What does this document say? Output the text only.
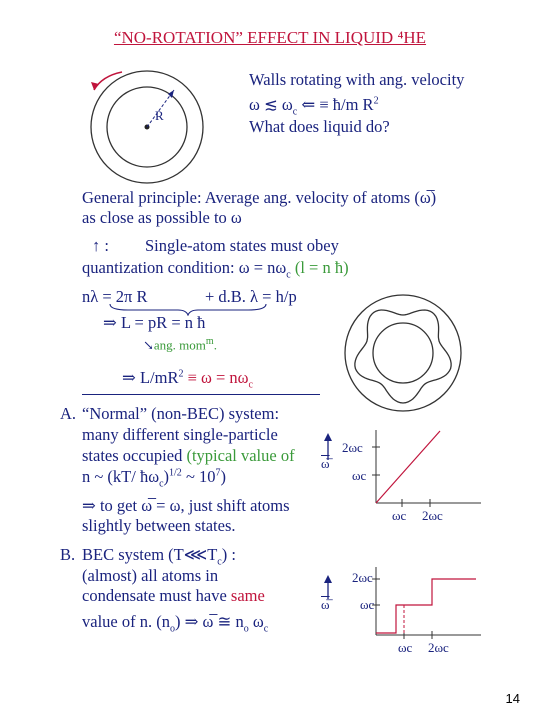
“NO-ROTATION” EFFECT IN LIQUID ⁴HE
R
Walls rotating with ang. velocity
ω ≲ $\omega_c$ ⇐ ≡ ħ/m $R^2$
What does liquid do?
General principle: Average ang. velocity of atoms (ω̅)
as close as possible to ω
↑ : Single-atom states must obey
quantization condition: $\omega = n\omega_c$ (l = n ħ)
nλ = 2π R	+ d.B. λ = h/p
⇒ L = pR = n ħ
↘ang. mom$^m$.
⇒ $L/mR^2 \equiv \omega = n\omega_c$
A. “Normal” (non-BEC) system:
many different single-particle
states occupied (typical value of
n ~ (kT/ $ħ\omega_c)^{1/2}$ ~ $10^7$)
⇒ to get ω̅ = ω, just shift atoms
slightly between states.
ω̅
2ωc
ωc
ωc 2ωc
B. BEC system $(T⋘T_c)$ :
(almost) all atoms in
condensate must have same
value of n. $(n_o)$ ⇒ ω̅ ≅ $n_o$ $\omega_c$
ω̅
2ωc
ωc
ωc 2ωc
14
